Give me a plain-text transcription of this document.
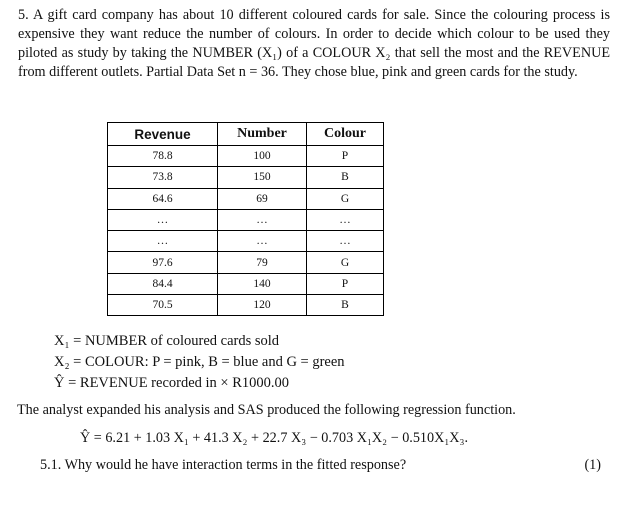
5. A gift card company has about 10 different coloured cards for sale. Since the colouring process is expensive they want reduce the number of colours. In order to decide which colour to be used they piloted as study by taking the NUMBER (X₁) of a COLOUR X₂ that sell the most and the REVENUE from different outlets. Partial Data Set n = 36. They chose blue, pink and green cards for the study.
Revenue	Number	Colour
78.8	100	P
73.8	150	B
64.6	69	G
…	…	…
…	…	…
97.6	79	G
84.4	140	P
70.5	120	B
X₁ = NUMBER of coloured cards sold
X₂ = COLOUR: P = pink, B = blue and G = green
Ŷ = REVENUE recorded in × R1000.00
The analyst expanded his analysis and SAS produced the following regression function.
Ŷ = 6.21 + 1.03 X₁ + 41.3 X₂ + 22.7 X₃ − 0.703 X₁X₂ − 0.510X₁X₃.
5.1. Why would he have interaction terms in the fitted response?	(1)
